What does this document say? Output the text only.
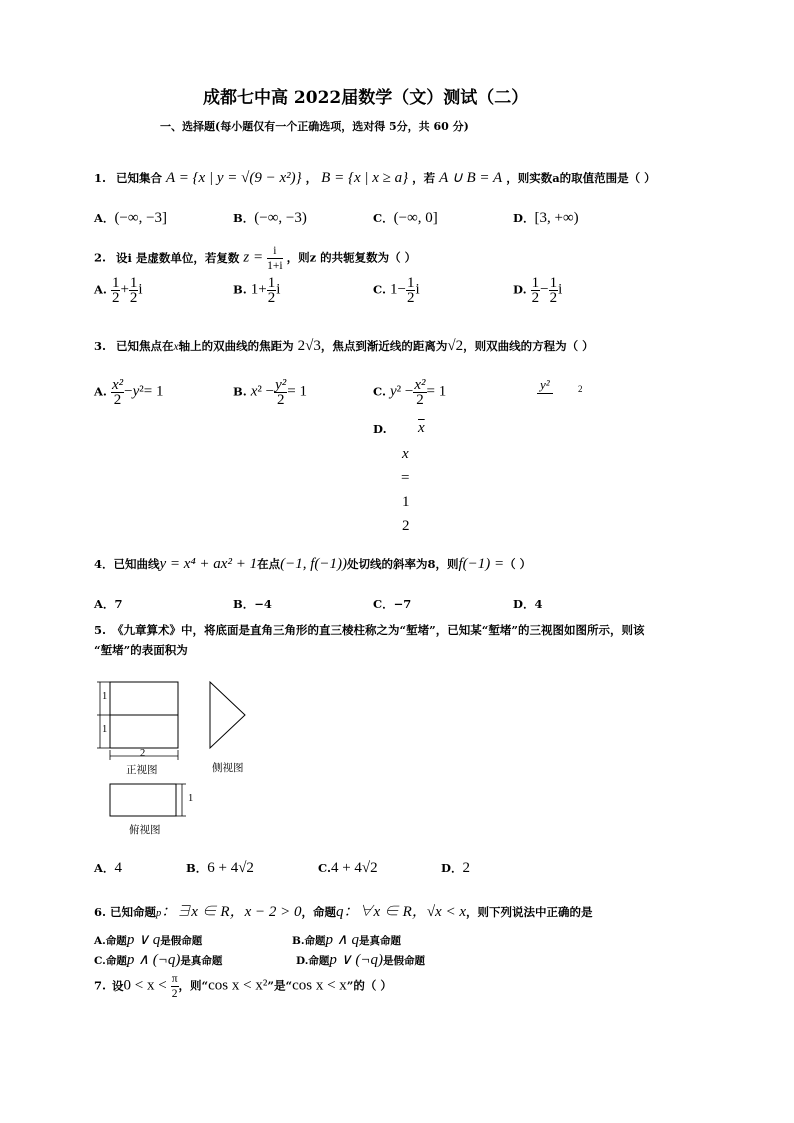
成都七中高 2022届数学（文）测试（二）
一、选择题(每小题仅有一个正确选项，选对得 5分，共 60 分)
1. 已知集合 A = {x | y = √(9 − x²)} ， B = {x | x ≥ a} ，若 A ∪ B = A ，则实数a的取值范围是（ ）
A．(−∞, −3]	B．(−∞, −3)	C．(−∞, 0]	D．[3, +∞)
2. 设i 是虚数单位，若复数 $z = \frac{i}{1+i}$ ，则z 的共轭复数为（ ）
A. $\frac{1}{2} + \frac{1}{2}$ i	B. $1+ \frac{1}{2}$ i	C. $1- \frac{1}{2}$ i	D. $\frac{1}{2} - \frac{1}{2}$ i
3. 已知焦点在x轴上的双曲线的焦距为 2√3，焦点到渐近线的距离为√2，则双曲线的方程为（ ）
A. $\frac{\text{x²}}{2} -y^2= 1$	B. $x^2 - \frac{\text{y²}}{2} = 1$	C. $y^2 - \frac{\text{x²}}{2} = 1$	y²	2
D. $\overline{x}$
x
=
1
2
4．已知曲线y = x⁴ + ax² + 1在点(−1, f(−1))处切线的斜率为8，则f(−1) =（ ）
A．7	B．−4	C．−7	D．4
5. 《九章算术》中，将底面是直角三角形的直三棱柱称之为“堑堵”，已知某“堑堵”的三视图如图所示，则该
“堑堵”的表面积为
1
1
2
1
正视图	侧视图
俯视图
A．4	B．6 + 4√2	C.4 + 4√2	D．2
6. 已知命题p：∃x ∈ R，x − 2 > 0，命题q：∀x ∈ R，√x < x，则下列说法中正确的是
A.命题p ∨ q是假命题	B.命题p ∧ q是真命题
C.命题p ∧ (¬q)是真命题	D.命题p ∨ (¬q)是假命题
7. 设$0 < x < \frac{\pi}{2}$ ，则“cos x < x²”是“cos x < x”的（ ）
